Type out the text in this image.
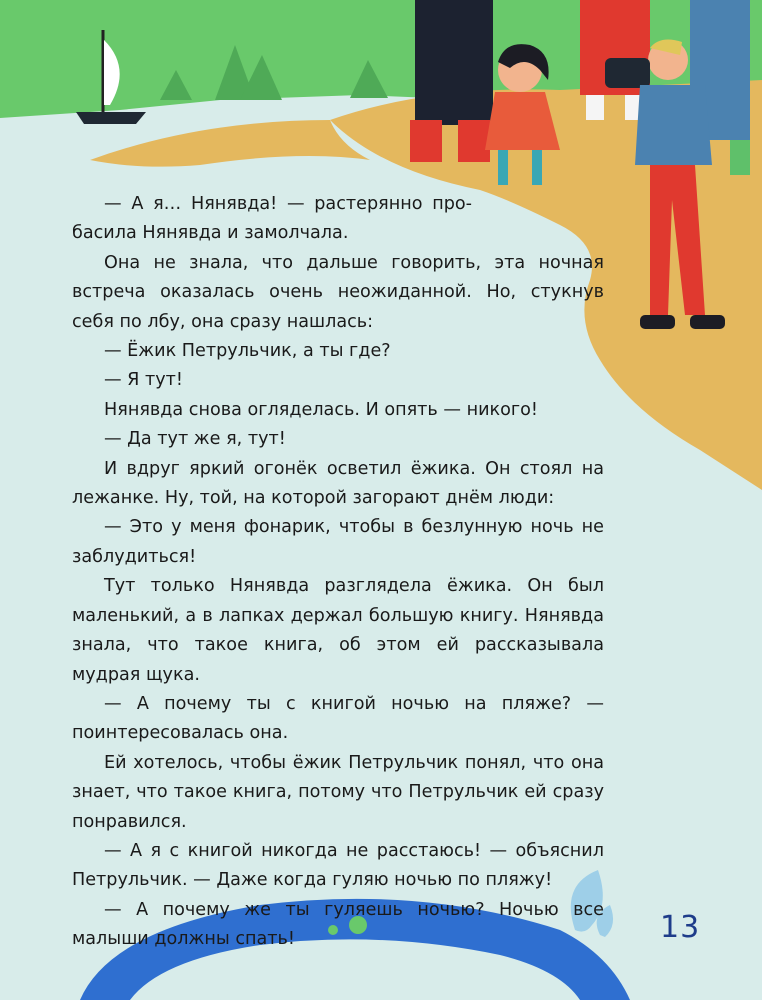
— А я… Нянявда! — растерянно про-басила Нянявда и замолчала.

Она не знала, что дальше говорить, эта ночная встреча оказалась очень неожиданной. Но, стукнув себя по лбу, она сразу нашлась:

— Ёжик Петрульчик, а ты где?

— Я тут!

Нянявда снова огляделась. И опять — никого!

— Да тут же я, тут!

И вдруг яркий огонёк осветил ёжика. Он стоял на лежанке. Ну, той, на которой загорают днём люди:

— Это у меня фонарик, чтобы в безлунную ночь не заблудиться!

Тут только Нянявда разглядела ёжика. Он был маленький, а в лапках держал большую книгу. Нянявда знала, что такое книга, об этом ей рассказывала мудрая щука.

— А почему ты с книгой ночью на пляже? — поинтересовалась она.

Ей хотелось, чтобы ёжик Петрульчик понял, что она знает, что такое книга, потому что Петрульчик ей сразу понравился.

— А я с книгой никогда не расстаюсь! — объяснил Петрульчик. — Даже когда гуляю ночью по пляжу!

— А почему же ты гуляешь ночью? Ночью все малыши должны спать!	13
